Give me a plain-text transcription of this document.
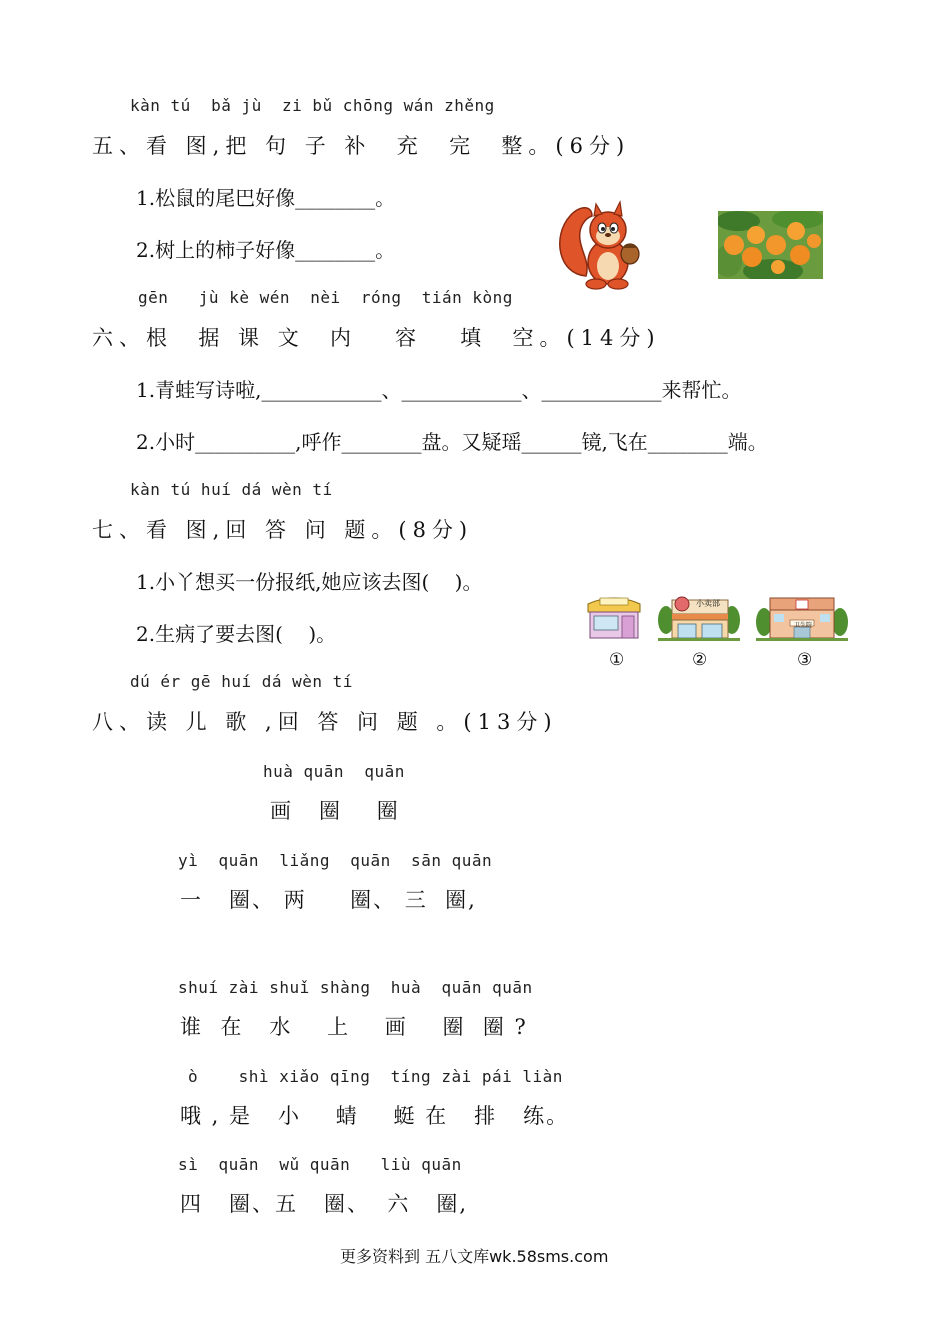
kàn tú  bǎ jù  zi bǔ chōng wán zhěng
五、看 图,把 句 子 补  充  完  整。(6分)
1.松鼠的尾巴好像________。
2.树上的柿子好像________。
gēn   jù kè wén  nèi  róng  tián kòng
六、根  据 课 文  内   容   填  空。(14分)
1.青蛙写诗啦,____________、____________、____________来帮忙。
2.小时__________,呼作________盘。又疑瑶______镜,飞在________端。
kàn tú huí dá wèn tí
七、看 图,回 答 问 题。(8分)
1.小丫想买一份报纸,她应该去图(    )。
2.生病了要去图(    )。
小卖部
卫生院
①	②	③
dú ér gē huí dá wèn tí
八、读 儿 歌 ,回 答 问 题 。(13分)
huà quān  quān
画   圈    圈
yì  quān  liǎng  quān  sān quān
一   圈、 两     圈、 三  圈,
shuí zài shuǐ shàng  huà  quān quān
谁  在   水    上    画    圈  圈 ?
ò    shì xiǎo qīng  tíng zài pái liàn
哦 , 是   小    蜻    蜓 在   排   练。
sì  quān  wǔ quān   liù quān
四   圈、五   圈、  六   圈,
更多资料到 五八文库wk.58sms.com
